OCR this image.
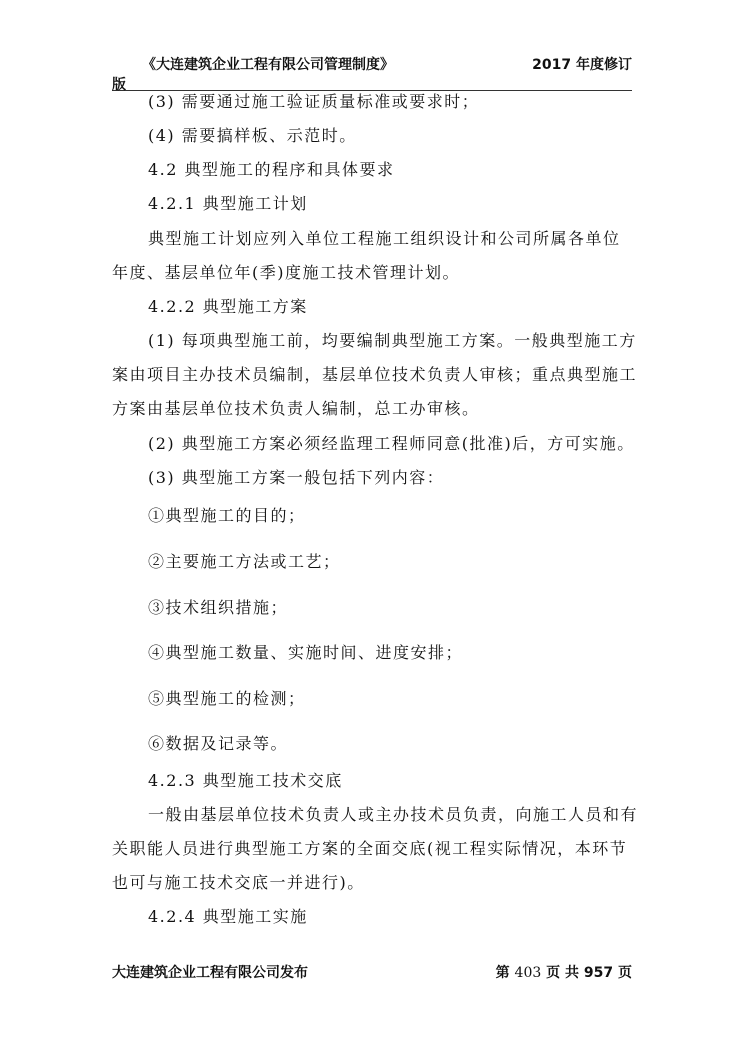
《大连建筑企业工程有限公司管理制度》	2017 年度修订
版
(3) 需要通过施工验证质量标准或要求时；
(4) 需要搞样板、示范时。
4.2 典型施工的程序和具体要求
4.2.1 典型施工计划
典型施工计划应列入单位工程施工组织设计和公司所属各单位
年度、基层单位年(季)度施工技术管理计划。
4.2.2 典型施工方案
(1) 每项典型施工前，均要编制典型施工方案。一般典型施工方
案由项目主办技术员编制，基层单位技术负责人审核；重点典型施工
方案由基层单位技术负责人编制，总工办审核。
(2) 典型施工方案必须经监理工程师同意(批准)后，方可实施。
(3) 典型施工方案一般包括下列内容：
①典型施工的目的；
②主要施工方法或工艺；
③技术组织措施；
④典型施工数量、实施时间、进度安排；
⑤典型施工的检测；
⑥数据及记录等。
4.2.3 典型施工技术交底
一般由基层单位技术负责人或主办技术员负责，向施工人员和有
关职能人员进行典型施工方案的全面交底(视工程实际情况，本环节
也可与施工技术交底一并进行)。
4.2.4 典型施工实施
大连建筑企业工程有限公司发布	第 403 页 共 957 页
